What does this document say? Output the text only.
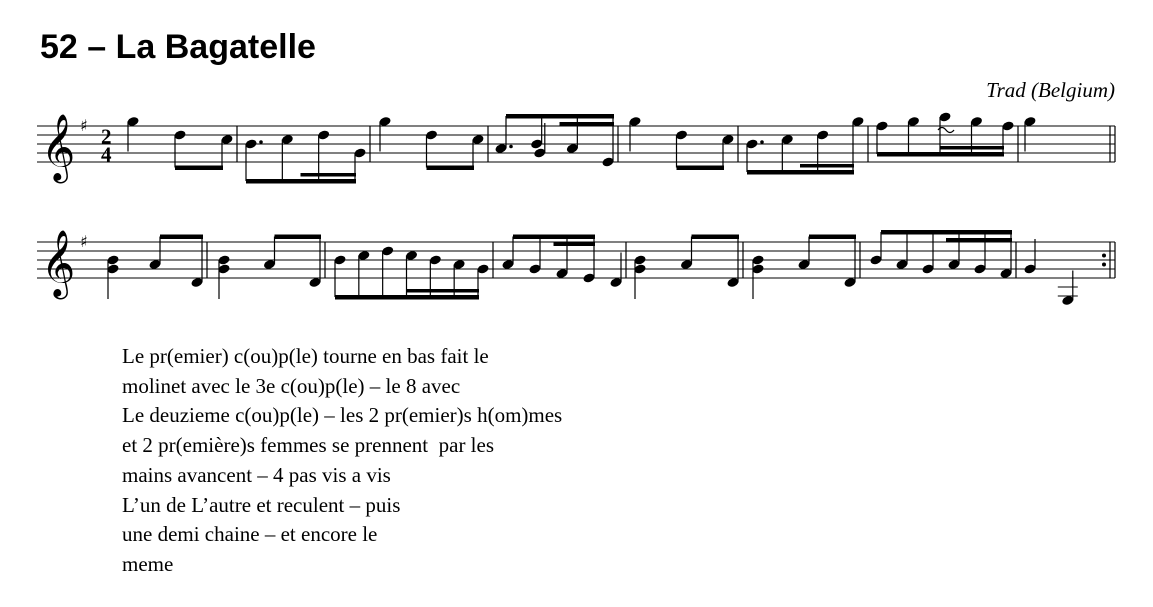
52 – La Bagatelle
Trad (Belgium)
𝄞 ♯ 2
4
𝄞 ♯
Le pr(emier) c(ou)p(le) tourne en bas fait le
molinet avec le 3e c(ou)p(le) – le 8 avec
Le deuzieme c(ou)p(le) – les 2 pr(emier)s h(om)mes
et 2 pr(emière)s femmes se prennent  par les
mains avancent – 4 pas vis a vis
L’un de L’autre et reculent – puis
une demi chaine – et encore le
meme
